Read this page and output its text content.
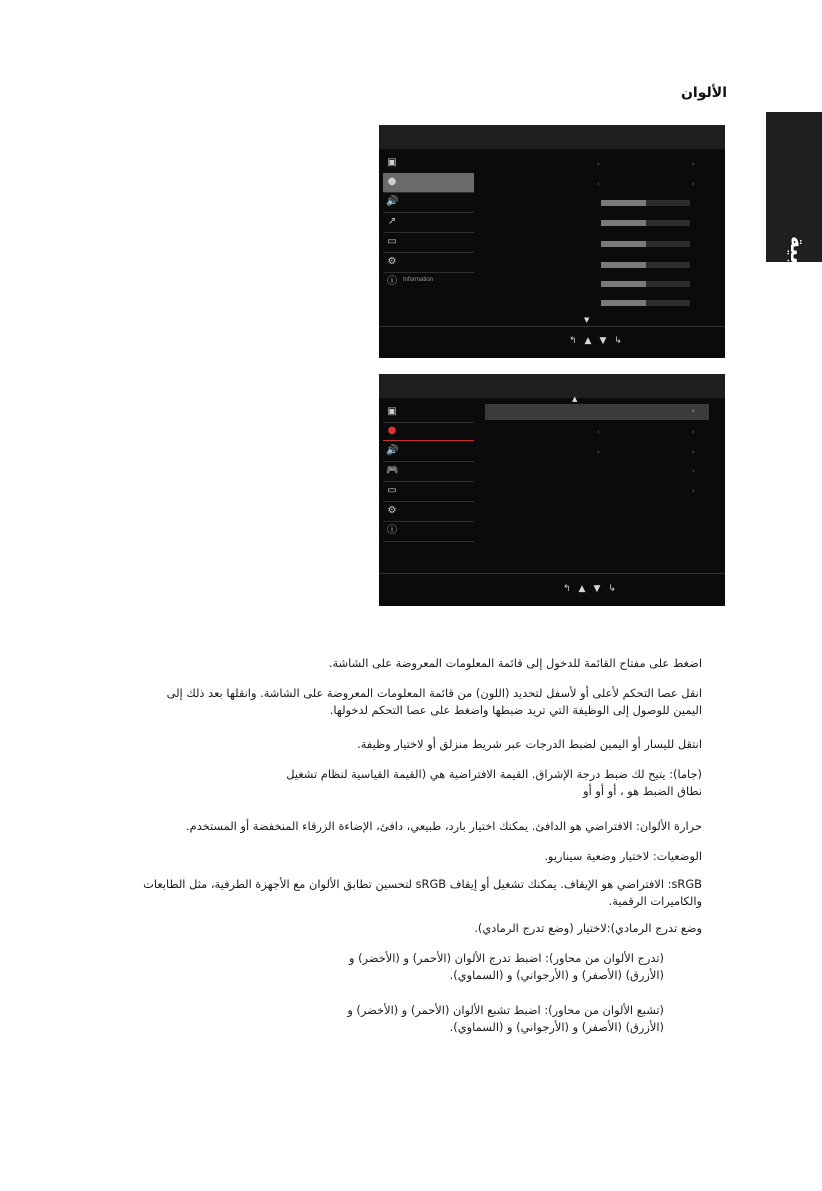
الألوان
العربية
▣
●
🔊
↗
▭
⚙
ⓘ Information
‹	›
‹	›
▼
↰▲▼↳
▲
▣
●
🔊
🎮
▭
⚙
ⓘ
›
‹	›
‹	›
›
›
↰▲▼↳
اضغط على مفتاح القائمة للدخول إلى قائمة المعلومات المعروضة على الشاشة.
انقل عصا التحكم لأعلى أو لأسفل لتحديد (اللون) من قائمة المعلومات المعروضة على الشاشة. وانقلها بعد ذلك إلى
اليمين للوصول إلى الوظيفة التي تريد ضبطها واضغط على عصا التحكم لدخولها.
انتقل لليسار أو اليمين لضبط الدرجات عبر شريط منزلق أو لاختيار وظيفة.
(جاما): يتيح لك ضبط درجة الإشراق. القيمة الافتراضية هي (القيمة القياسية لنظام تشغيل
نطاق الضبط هو ، أو أو أو
حرارة الألوان: الافتراضي هو الدافئ. يمكنك اختيار بارد، طبيعي، دافئ، الإضاءة الزرقاء المنخفضة أو المستخدم.
الوضعيات: لاختيار وضعية سيناريو.
sRGB: الافتراضي هو الإيقاف. يمكنك تشغيل أو إيقاف sRGB لتحسين تطابق الألوان مع الأجهزة الطرفية، مثل الطابعات
والكاميرات الرقمية.
وضع تدرج الرمادي):لاختيار (وضع تدرج الرمادي).
(تدرج الألوان من محاور): اضبط تدرج الألوان (الأحمر) و (الأخضر) و
(الأزرق) (الأصفر) و (الأرجواني) و (السماوي).
(تشبع الألوان من محاور): اضبط تشبع الألوان (الأحمر) و (الأخضر) و
(الأزرق) (الأصفر) و (الأرجواني) و (السماوي).
